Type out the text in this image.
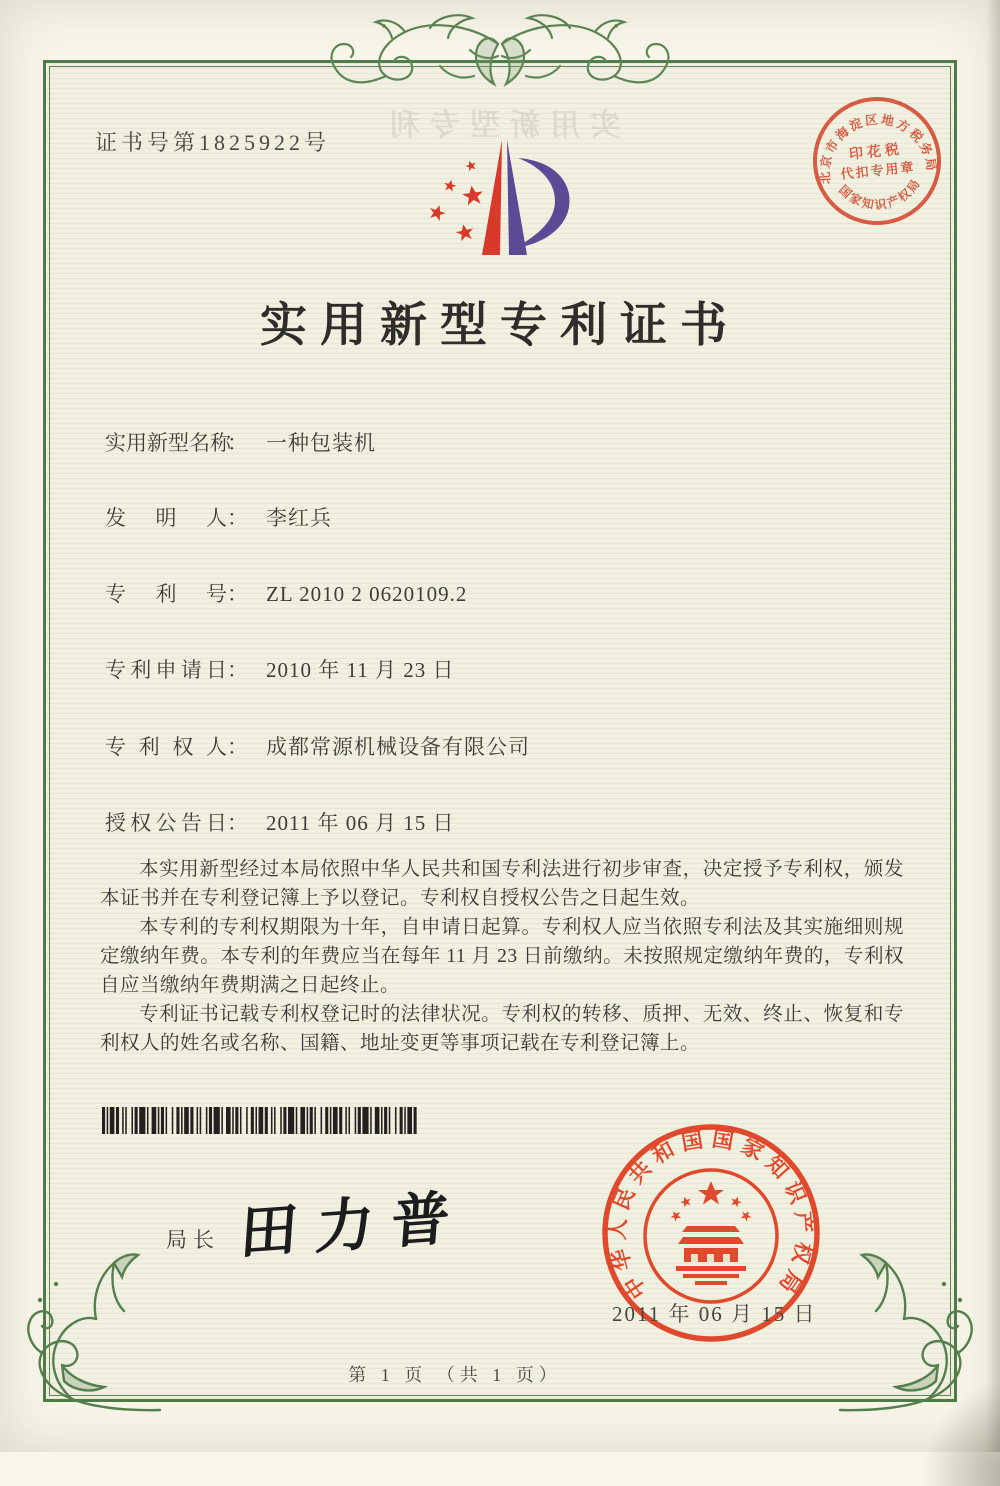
实用新型专利
证书号第1825922号
实用新型专利证书
实用新型名称： 一种包装机
发明人： 李红兵
专利号： ZL 2010 2 0620109.2
专利申请日： 2010 年 11 月 23 日
专利权人： 成都常源机械设备有限公司
授权公告日： 2011 年 06 月 15 日

本实用新型经过本局依照中华人民共和国专利法进行初步审查，决定授予专利权，颁发本证书并在专利登记簿上予以登记。专利权自授权公告之日起生效。

本专利的专利权期限为十年，自申请日起算。专利权人应当依照专利法及其实施细则规定缴纳年费。本专利的年费应当在每年 11 月 23 日前缴纳。未按照规定缴纳年费的，专利权自应当缴纳年费期满之日起终止。

专利证书记载专利权登记时的法律状况。专利权的转移、质押、无效、终止、恢复和专利权人的姓名或名称、国籍、地址变更等事项记载在专利登记簿上。

局长 田力普
中华人民共和国国家知识产权局
2011 年 06 月 15 日
北京市海淀区地方税务局
国家知识产权局
印花税
代扣专用章
第 1 页 （共 1 页）
